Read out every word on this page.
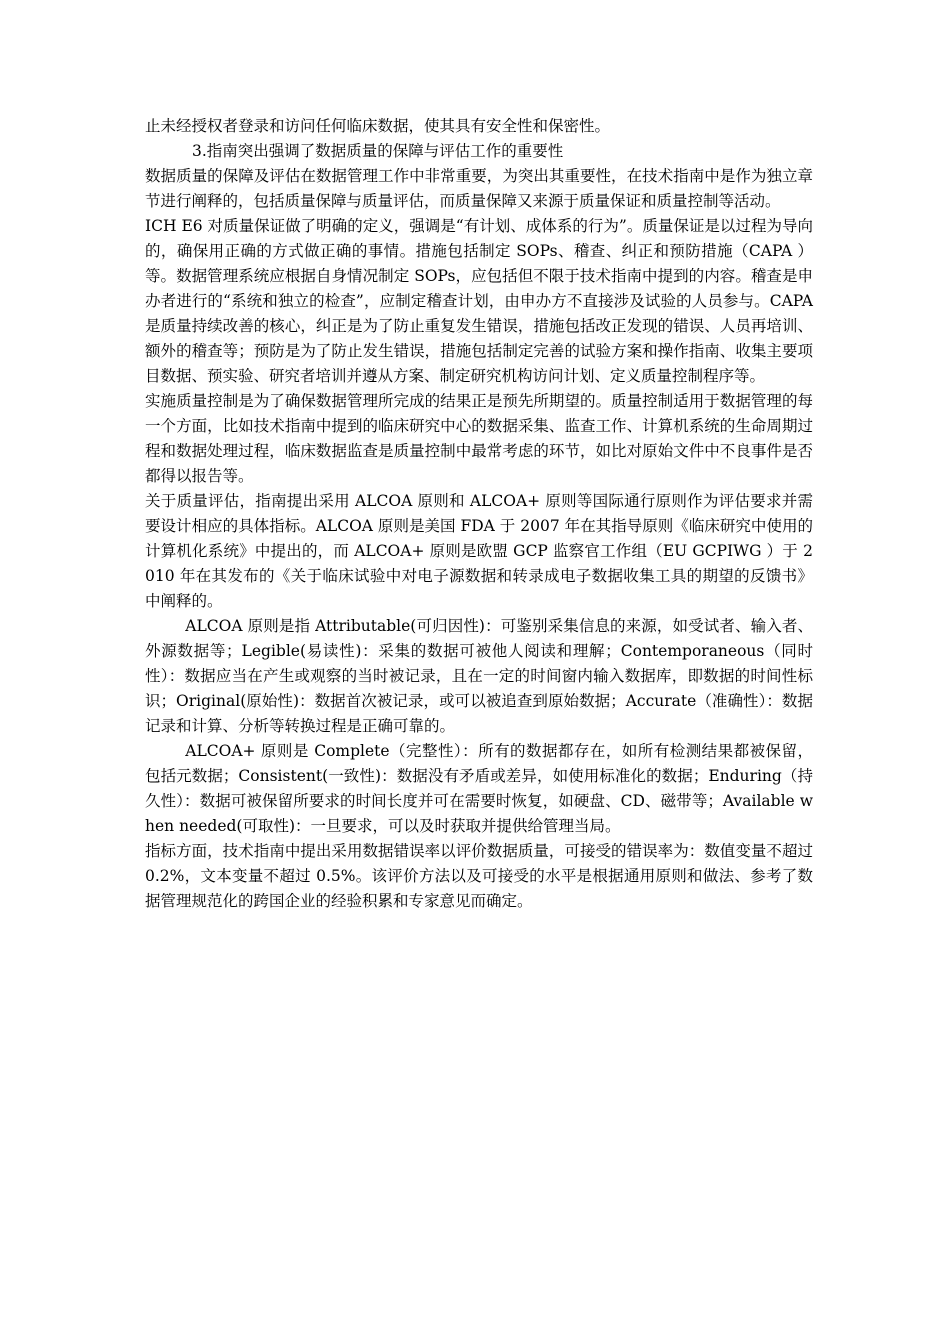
止未经授权者登录和访问任何临床数据，使其具有安全性和保密性。

3.指南突出强调了数据质量的保障与评估工作的重要性

数据质量的保障及评估在数据管理工作中非常重要，为突出其重要性，在技术指南中是作为独立章节进行阐释的，包括质量保障与质量评估，而质量保障又来源于质量保证和质量控制等活动。

ICH E6 对质量保证做了明确的定义，强调是“有计划、成体系的行为”。质量保证是以过程为导向的，确保用正确的方式做正确的事情。措施包括制定 SOPs、稽查、纠正和预防措施（CAPA ）等。数据管理系统应根据自身情况制定 SOPs，应包括但不限于技术指南中提到的内容。稽查是申办者进行的“系统和独立的检查”，应制定稽查计划，由申办方不直接涉及试验的人员参与。CAPA 是质量持续改善的核心，纠正是为了防止重复发生错误，措施包括改正发现的错误、人员再培训、额外的稽查等；预防是为了防止发生错误，措施包括制定完善的试验方案和操作指南、收集主要项目数据、预实验、研究者培训并遵从方案、制定研究机构访问计划、定义质量控制程序等。

实施质量控制是为了确保数据管理所完成的结果正是预先所期望的。质量控制适用于数据管理的每一个方面，比如技术指南中提到的临床研究中心的数据采集、监查工作、计算机系统的生命周期过程和数据处理过程，临床数据监查是质量控制中最常考虑的环节，如比对原始文件中不良事件是否都得以报告等。

关于质量评估，指南提出采用 ALCOA 原则和 ALCOA+ 原则等国际通行原则作为评估要求并需要设计相应的具体指标。ALCOA 原则是美国 FDA 于 2007 年在其指导原则《临床研究中使用的计算机化系统》中提出的，而 ALCOA+ 原则是欧盟 GCP 监察官工作组（EU GCPIWG ）于 2010 年在其发布的《关于临床试验中对电子源数据和转录成电子数据收集工具的期望的反馈书》中阐释的。

ALCOA 原则是指 Attributable(可归因性)：可鉴别采集信息的来源，如受试者、输入者、外源数据等；Legible(易读性)：采集的数据可被他人阅读和理解；Contemporaneous（同时性）：数据应当在产生或观察的当时被记录，且在一定的时间窗内输入数据库，即数据的时间性标识；Original(原始性)：数据首次被记录，或可以被追查到原始数据；Accurate（准确性）：数据记录和计算、分析等转换过程是正确可靠的。

ALCOA+ 原则是 Complete（完整性）：所有的数据都存在，如所有检测结果都被保留，包括元数据；Consistent(一致性)：数据没有矛盾或差异，如使用标准化的数据；Enduring（持久性）：数据可被保留所要求的时间长度并可在需要时恢复，如硬盘、CD、磁带等；Available when needed(可取性)：一旦要求，可以及时获取并提供给管理当局。

指标方面，技术指南中提出采用数据错误率以评价数据质量，可接受的错误率为：数值变量不超过 0.2%，文本变量不超过 0.5%。该评价方法以及可接受的水平是根据通用原则和做法、参考了数据管理规范化的跨国企业的经验积累和专家意见而确定。
